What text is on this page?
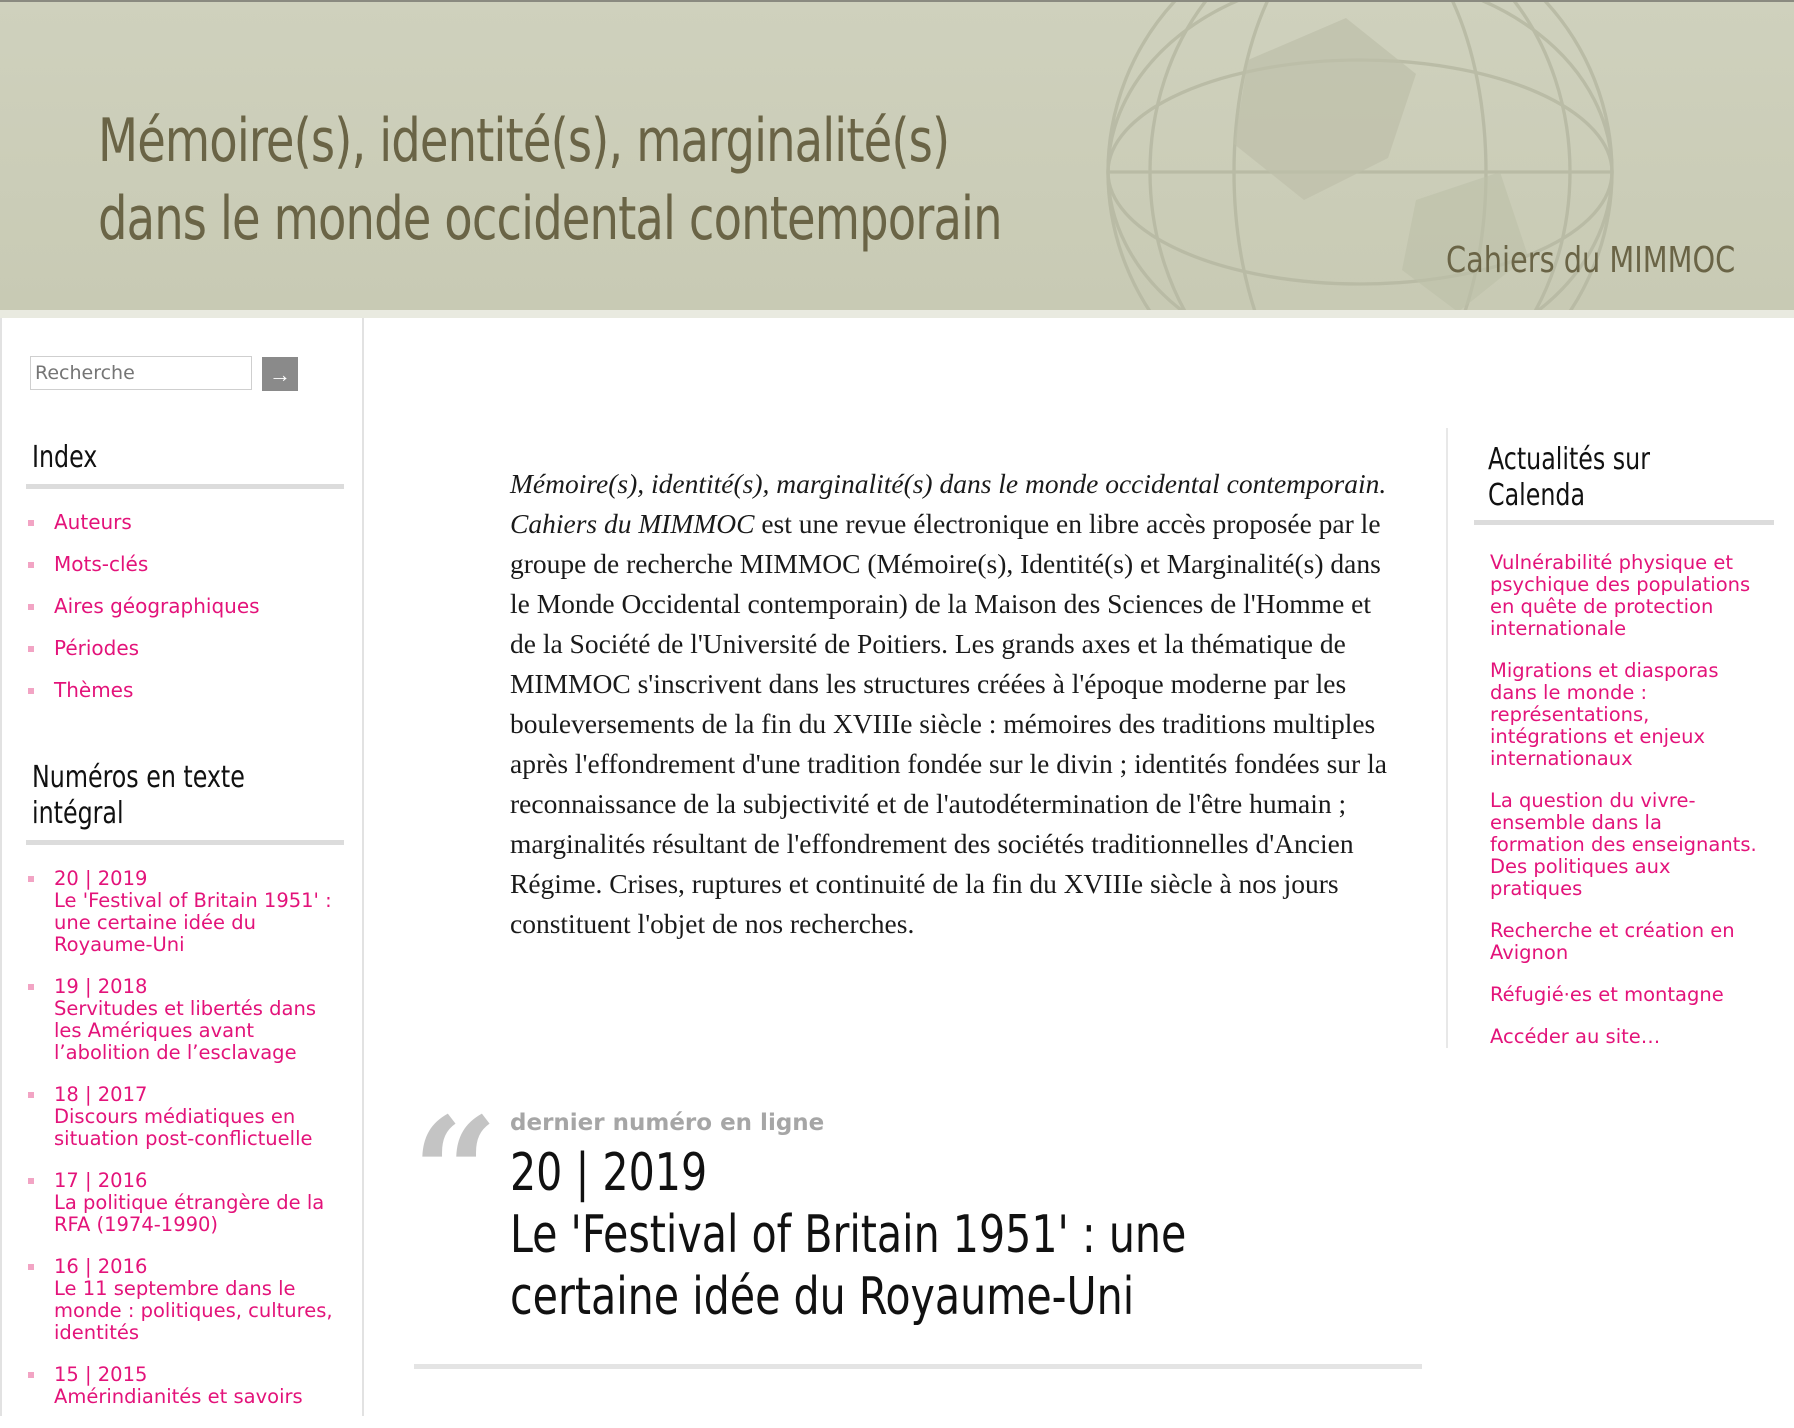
Mémoire(s), identité(s), marginalité(s)
dans le monde occidental contemporain
Cahiers du MIMMOC
Recherche
→
Index
Auteurs
Mots-clés
Aires géographiques
Périodes
Thèmes
Numéros en texte intégral
20 | 2019
Le 'Festival of Britain 1951' : une certaine idée du Royaume-Uni
19 | 2018
Servitudes et libertés dans les Amériques avant l’abolition de l’esclavage
18 | 2017
Discours médiatiques en situation post-conflictuelle
17 | 2016
La politique étrangère de la RFA (1974-1990)
16 | 2016
Le 11 septembre dans le monde : politiques, cultures, identités
15 | 2015
Amérindianités et savoirs

Mémoire(s), identité(s), marginalité(s) dans le monde occidental contemporain. Cahiers du MIMMOC est une revue électronique en libre accès proposée par le groupe de recherche MIMMOC (Mémoire(s), Identité(s) et Marginalité(s) dans le Monde Occidental contemporain) de la Maison des Sciences de l'Homme et de la Société de l'Université de Poitiers. Les grands axes et la thématique de MIMMOC s'inscrivent dans les structures créées à l'époque moderne par les bouleversements de la fin du XVIIIe siècle : mémoires des traditions multiples après l'effondrement d'une tradition fondée sur le divin ; identités fondées sur la reconnaissance de la subjectivité et de l'autodétermination de l'être humain ; marginalités résultant de l'effondrement des sociétés traditionnelles d'Ancien Régime. Crises, ruptures et continuité de la fin du XVIIIe siècle à nos jours constituent l'objet de nos recherches.

“ dernier numéro en ligne
20 | 2019
Le 'Festival of Britain 1951' : une certaine idée du Royaume-Uni
Actualités sur Calenda
Vulnérabilité physique et psychique des populations en quête de protection internationale
Migrations et diasporas dans le monde : représentations, intégrations et enjeux internationaux
La question du vivre-ensemble dans la formation des enseignants. Des politiques aux pratiques
Recherche et création en Avignon
Réfugié·es et montagne
Accéder au site…
